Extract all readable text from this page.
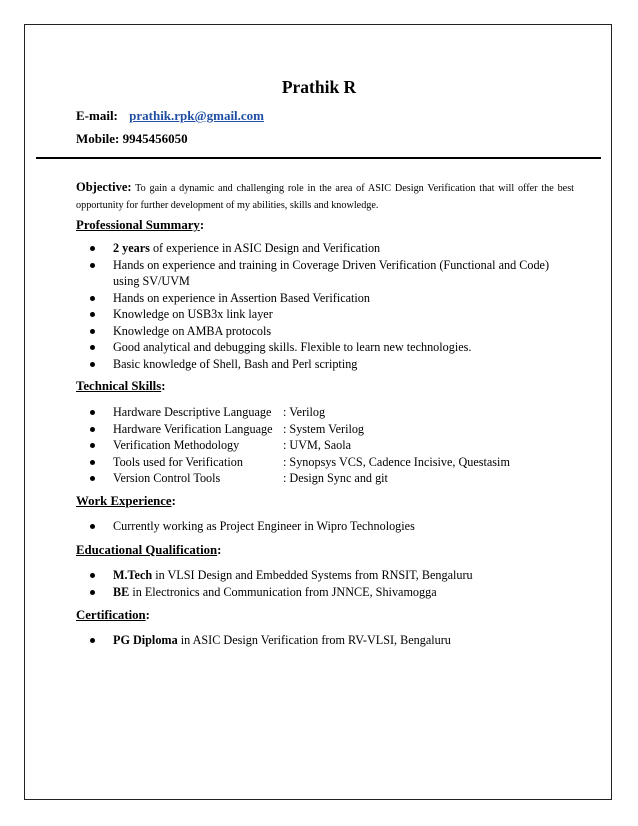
Prathik R
E-mail: prathik.rpk@gmail.com
Mobile: 9945456050
Objective: To gain a dynamic and challenging role in the area of ASIC Design Verification that will offer the best opportunity for further development of my abilities, skills and knowledge.
Professional Summary:
2 years of experience in ASIC Design and Verification
Hands on experience and training in Coverage Driven Verification (Functional and Code) using SV/UVM
Hands on experience in Assertion Based Verification
Knowledge on USB3x link layer
Knowledge on AMBA protocols
Good analytical and debugging skills. Flexible to learn new technologies.
Basic knowledge of Shell, Bash and Perl scripting
Technical Skills:
Hardware Descriptive Language : Verilog
Hardware Verification Language : System Verilog
Verification Methodology	: UVM, Saola
Tools used for Verification	: Synopsys VCS, Cadence Incisive, Questasim
Version Control Tools	: Design Sync and git
Work Experience:
Currently working as Project Engineer in Wipro Technologies
Educational Qualification:
M.Tech in VLSI Design and Embedded Systems from RNSIT, Bengaluru
BE in Electronics and Communication from JNNCE, Shivamogga
Certification:
PG Diploma in ASIC Design Verification from RV-VLSI, Bengaluru
